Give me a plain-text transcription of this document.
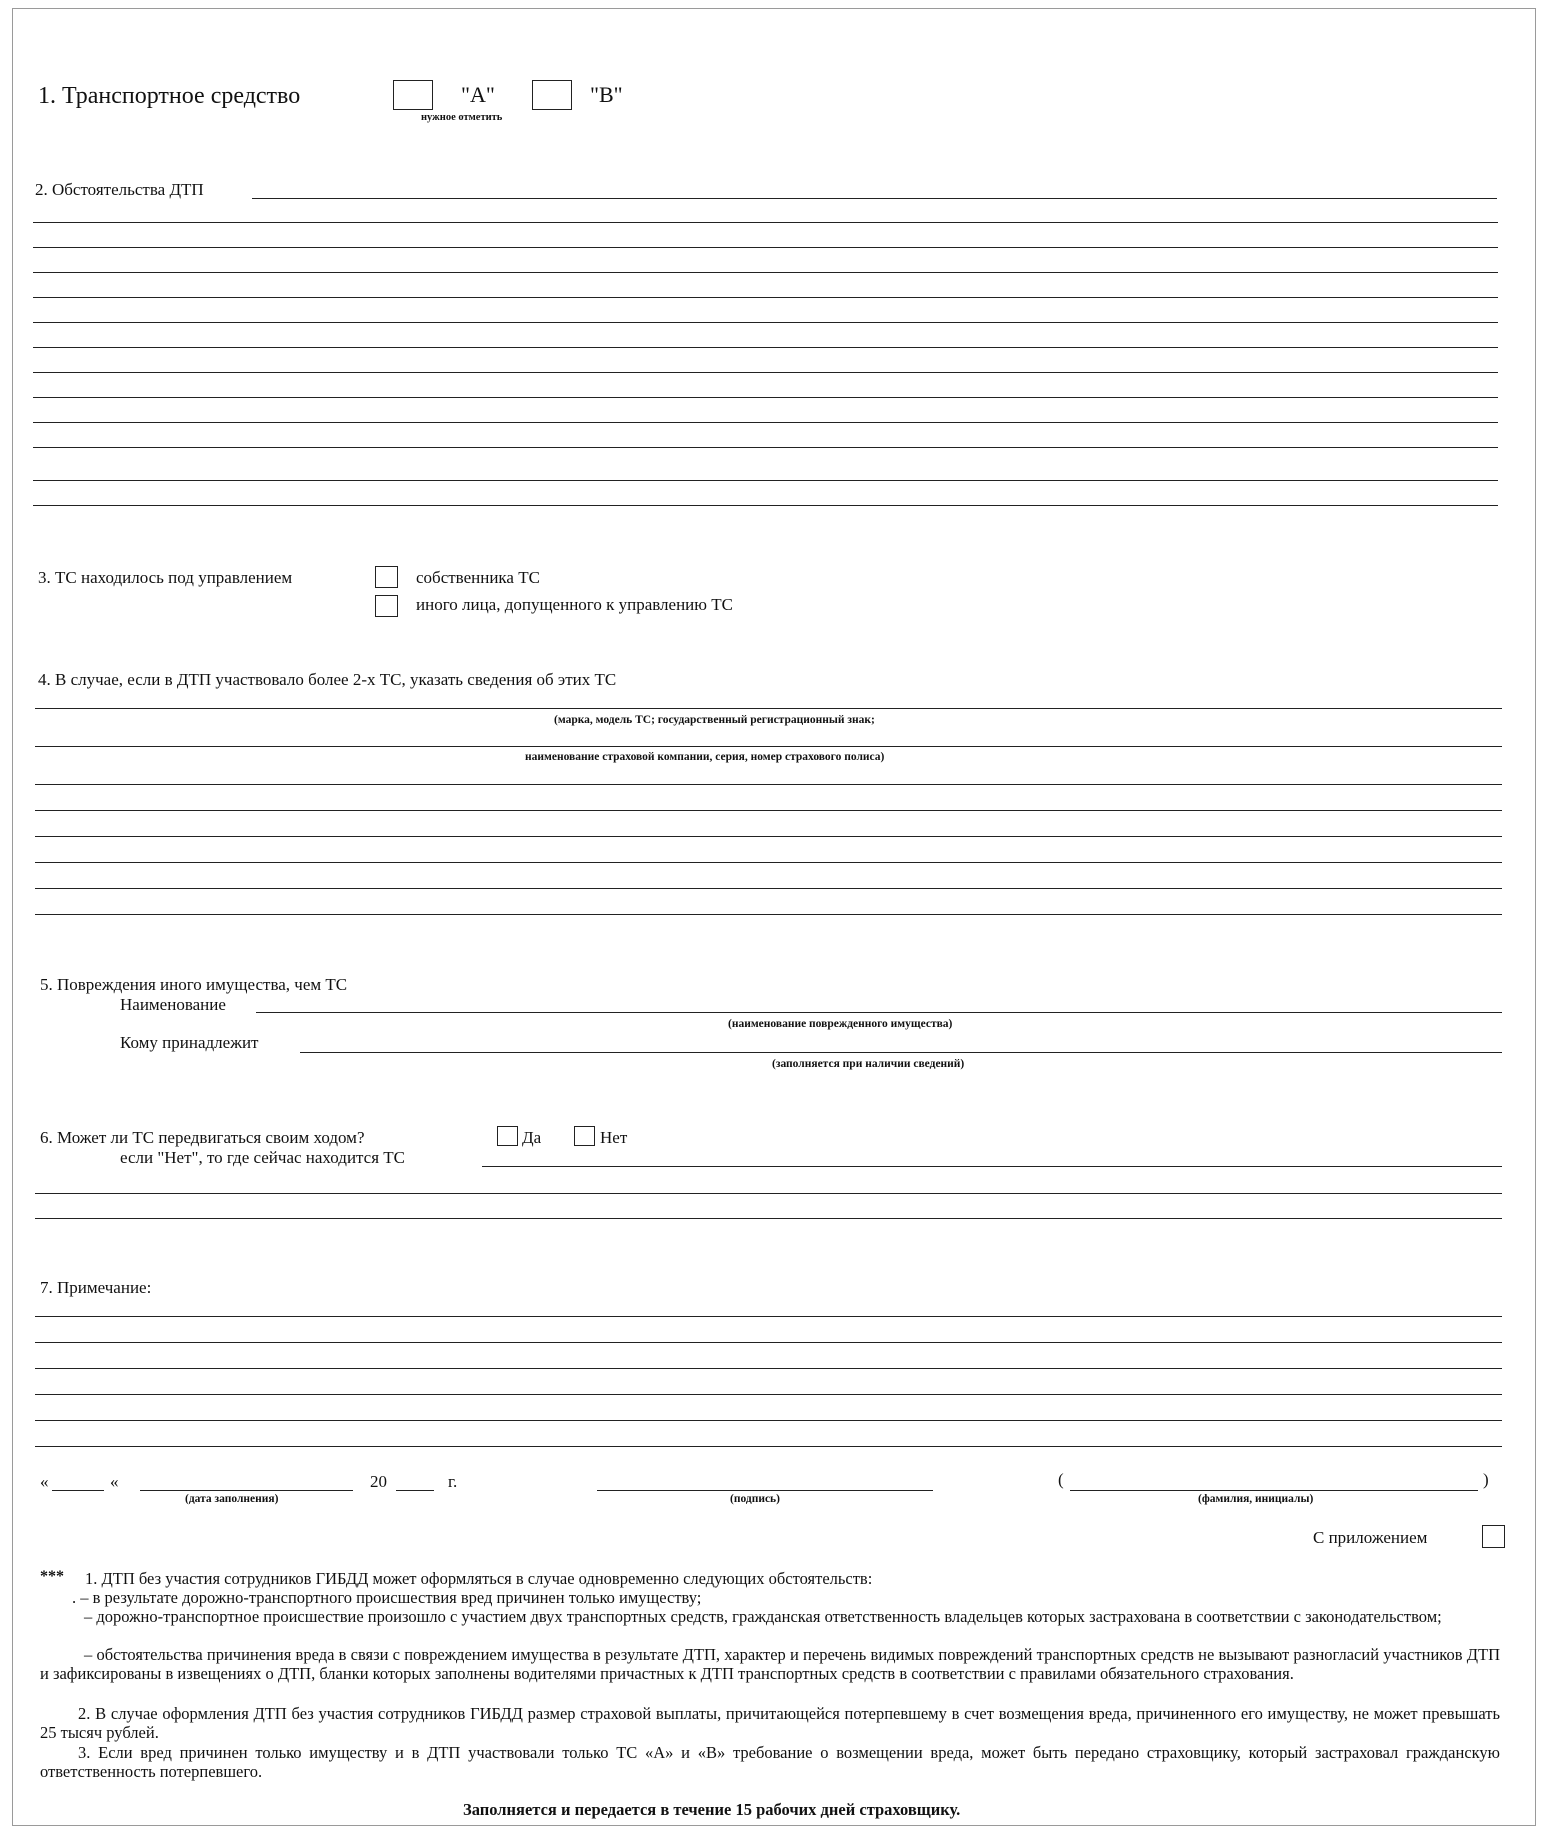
1. Транспортное средство	"А"	"В"
нужное отметить
2. Обстоятельства ДТП
3. ТС находилось под управлением	собственника ТС
иного лица, допущенного к управлению ТС
4. В случае, если в ДТП участвовало более 2-х ТС, указать сведения об этих ТС
(марка, модель ТС; государственный регистрационный знак;
наименование страховой компании, серия, номер страхового полиса)
5. Повреждения иного имущества, чем ТС
Наименование
(наименование поврежденного имущества)
Кому принадлежит
(заполняется при наличии сведений)
6. Может ли ТС передвигаться своим ходом?	Да	Нет
если "Нет", то где сейчас находится ТС
7. Примечание:
«	«	20	г.
(дата заполнения)	(подпись)
(	)
(фамилия, инициалы)
С приложением
*** 1. ДТП без участия сотрудников ГИБДД может оформляться в случае одновременно следующих обстоятельств:
. – в результате дорожно-транспортного происшествия вред причинен только имуществу;
– дорожно-транспортное происшествие произошло с участием двух транспортных средств, гражданская ответственность владельцев которых застрахована в соответствии с законодательством;
– обстоятельства причинения вреда в связи с повреждением имущества в результате ДТП, характер и перечень видимых повреждений транспортных средств не вызывают разногласий участников ДТП и зафиксированы в извещениях о ДТП, бланки которых заполнены водителями причастных к ДТП транспортных средств в соответствии с правилами обязательного страхования.
2. В случае оформления ДТП без участия сотрудников ГИБДД размер страховой выплаты, причитающейся потерпевшему в счет возмещения вреда, причиненного его имуществу, не может превышать 25 тысяч рублей.
3. Если вред причинен только имуществу и в ДТП участвовали только ТС «А» и «В» требование о возмещении вреда, может быть передано страховщику, который застраховал гражданскую ответственность потерпевшего.
Заполняется и передается в течение 15 рабочих дней страховщику.
